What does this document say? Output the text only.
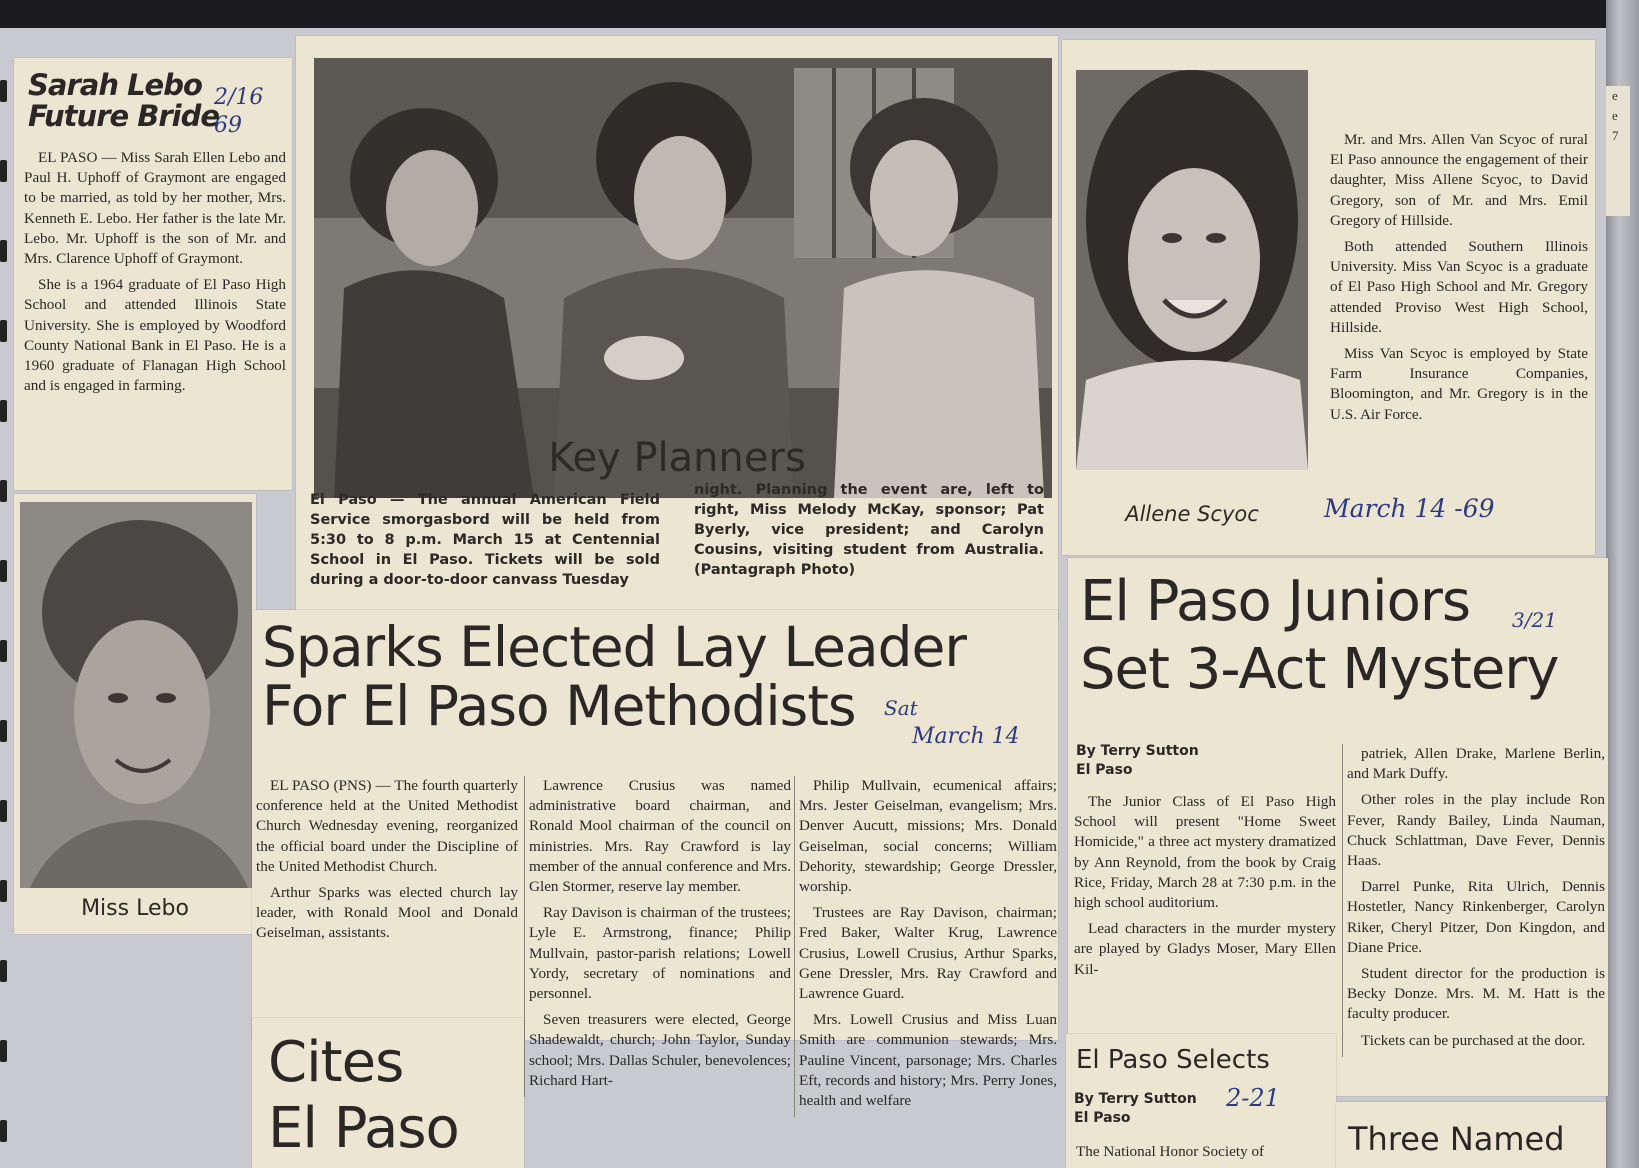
e
e
7
Sarah Lebo
Future Bride
2/16 69

EL PASO — Miss Sarah Ellen Lebo and Paul H. Uphoff of Graymont are engaged to be married, as told by her mother, Mrs. Kenneth E. Lebo. Her father is the late Mr. Lebo. Mr. Uphoff is the son of Mr. and Mrs. Clarence Uphoff of Graymont.

She is a 1964 graduate of El Paso High School and attended Illinois State University. She is employed by Woodford County National Bank in El Paso. He is a 1960 graduate of Flanagan High School and is engaged in farming.

Miss Lebo
Key Planners
El Paso — The annual American Field Service smorgasbord will be held from 5:30 to 8 p.m. March 15 at Centennial School in El Paso. Tickets will be sold during a door-to-door canvass Tuesday
night. Planning the event are, left to right, Miss Melody McKay, sponsor; Pat Byerly, vice president; and Carolyn Cousins, visiting student from Australia. (Pantagraph Photo)
Allene Scyoc

Mr. and Mrs. Allen Van Scyoc of rural El Paso announce the engagement of their daughter, Miss Allene Scyoc, to David Gregory, son of Mr. and Mrs. Emil Gregory of Hillside.

Both attended Southern Illinois University. Miss Van Scyoc is a graduate of El Paso High School and Mr. Gregory attended Proviso West High School, Hillside.

Miss Van Scyoc is employed by State Farm Insurance Companies, Bloomington, and Mr. Gregory is in the U.S. Air Force.

March 14 -69
Sparks Elected Lay Leader
For El Paso Methodists	Sat
March 14

EL PASO (PNS) — The fourth quarterly conference held at the United Methodist Church Wednesday evening, reorganized the official board under the Discipline of the United Methodist Church.

Arthur Sparks was elected church lay leader, with Ronald Mool and Donald Geiselman, assistants.

Lawrence Crusius was named administrative board chairman, and Ronald Mool chairman of the council on ministries. Mrs. Ray Crawford is lay member of the annual conference and Mrs. Glen Stormer, reserve lay member.

Ray Davison is chairman of the trustees; Lyle E. Armstrong, finance; Philip Mullvain, pastor-parish relations; Lowell Yordy, secretary of nominations and personnel.

Seven treasurers were elected, George Shadewaldt, church; John Taylor, Sunday school; Mrs. Dallas Schuler, benevolences; Richard Hart-

Philip Mullvain, ecumenical affairs; Mrs. Jester Geiselman, evangelism; Mrs. Denver Aucutt, missions; Mrs. Donald Geiselman, social concerns; William Dehority, stewardship; George Dressler, worship.

Trustees are Ray Davison, chairman; Fred Baker, Walter Krug, Lawrence Crusius, Lowell Crusius, Arthur Sparks, Gene Dressler, Mrs. Ray Crawford and Lawrence Guard.

Mrs. Lowell Crusius and Miss Luan Smith are communion stewards; Mrs. Pauline Vincent, parsonage; Mrs. Charles Eft, records and history; Mrs. Perry Jones, health and welfare

Cites
El Paso
El Paso Juniors
Set 3-Act Mystery
3/21
By Terry Sutton
El Paso

The Junior Class of El Paso High School will present "Home Sweet Homicide," a three act mystery dramatized by Ann Reynold, from the book by Craig Rice, Friday, March 28 at 7:30 p.m. in the high school auditorium.

Lead characters in the murder mystery are played by Gladys Moser, Mary Ellen Kil-

patriek, Allen Drake, Marlene Berlin, and Mark Duffy.

Other roles in the play include Ron Fever, Randy Bailey, Linda Nauman, Chuck Schlattman, Dave Fever, Dennis Haas.

Darrel Punke, Rita Ulrich, Dennis Hostetler, Nancy Rinkenberger, Carolyn Riker, Cheryl Pitzer, Don Kingdon, and Diane Price.

Student director for the production is Becky Donze. Mrs. M. M. Hatt is the faculty producer.

Tickets can be purchased at the door.

El Paso Selects
By Terry Sutton
El Paso
2-21
The National Honor Society of	Three Named
